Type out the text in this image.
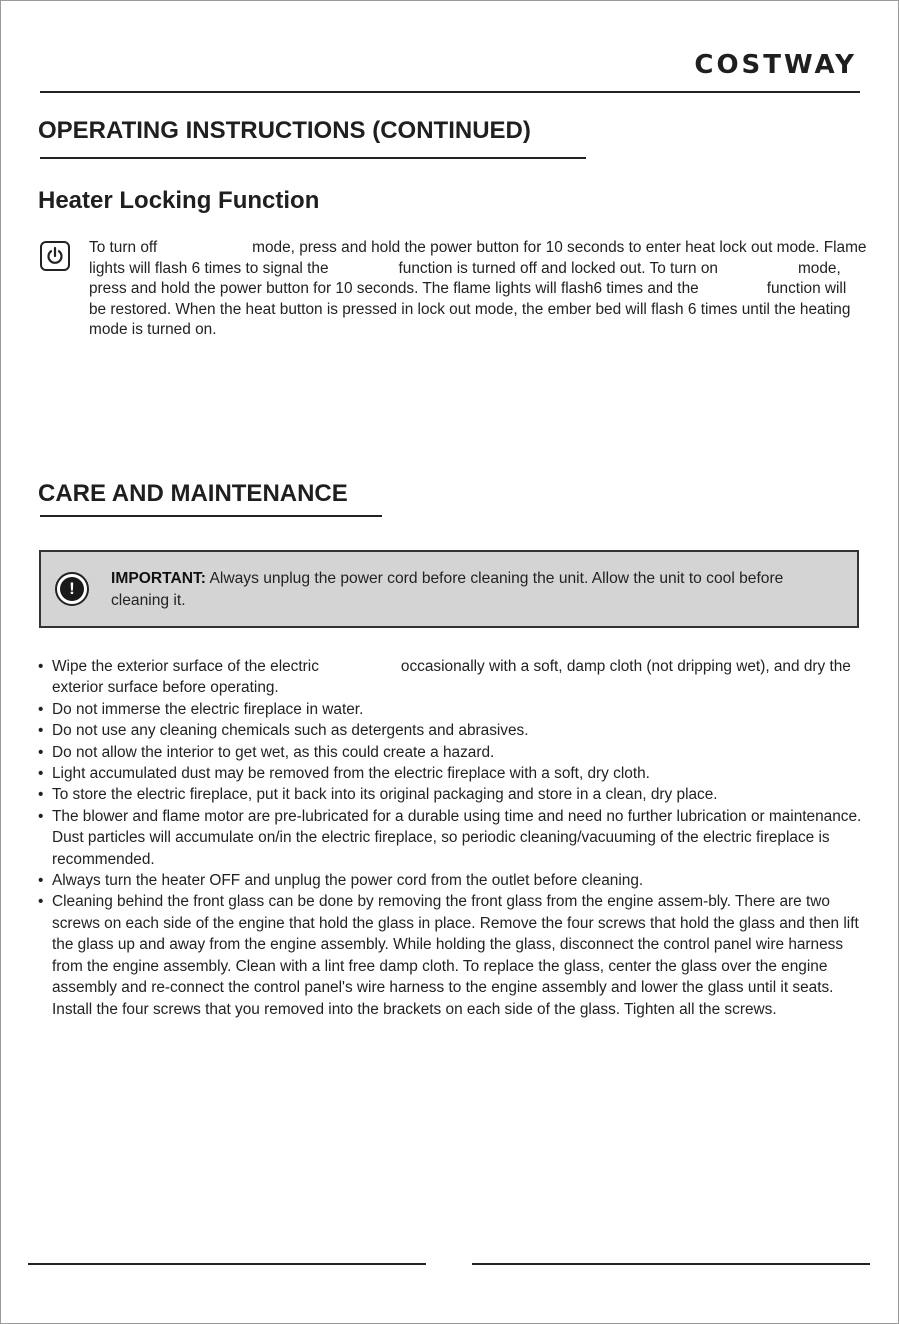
COSTWAY
OPERATING INSTRUCTIONS (CONTINUED)
Heater Locking Function

To turn off	mode, press and hold the power button for 10 seconds to enter heat lock out mode. Flame lights will flash 6 times to signal the	function is turned off and locked out. To turn on	mode, press and hold the power button for 10 seconds. The flame lights will flash6 times and the	function will be restored. When the heat button is pressed in lock out mode, the ember bed will flash 6 times until the heating mode is turned on.

CARE AND MAINTENANCE
!

IMPORTANT: Always unplug the power cord before cleaning the unit. Allow the unit to cool before cleaning it.

• Wipe the exterior surface of the electric	occasionally with a soft, damp cloth (not dripping wet), and dry the exterior surface before operating.
• Do not immerse the electric fireplace in water.
• Do not use any cleaning chemicals such as detergents and abrasives.
• Do not allow the interior to get wet, as this could create a hazard.
• Light accumulated dust may be removed from the electric fireplace with a soft, dry cloth.
• To store the electric fireplace, put it back into its original packaging and store in a clean, dry place.
• The blower and flame motor are pre-lubricated for a durable using time and need no further lubrication or maintenance. Dust particles will accumulate on/in the electric fireplace, so periodic cleaning/vacuuming of the electric fireplace is recommended.
• Always turn the heater OFF and unplug the power cord from the outlet before cleaning.
• Cleaning behind the front glass can be done by removing the front glass from the engine assem-bly. There are two screws on each side of the engine that hold the glass in place. Remove the four screws that hold the glass and then lift the glass up and away from the engine assembly. While holding the glass, disconnect the control panel wire harness from the engine assembly. Clean with a lint free damp cloth. To replace the glass, center the glass over the engine assembly and re-connect the control panel's wire harness to the engine assembly and lower the glass until it seats. Install the four screws that you removed into the brackets on each side of the glass. Tighten all the screws.
